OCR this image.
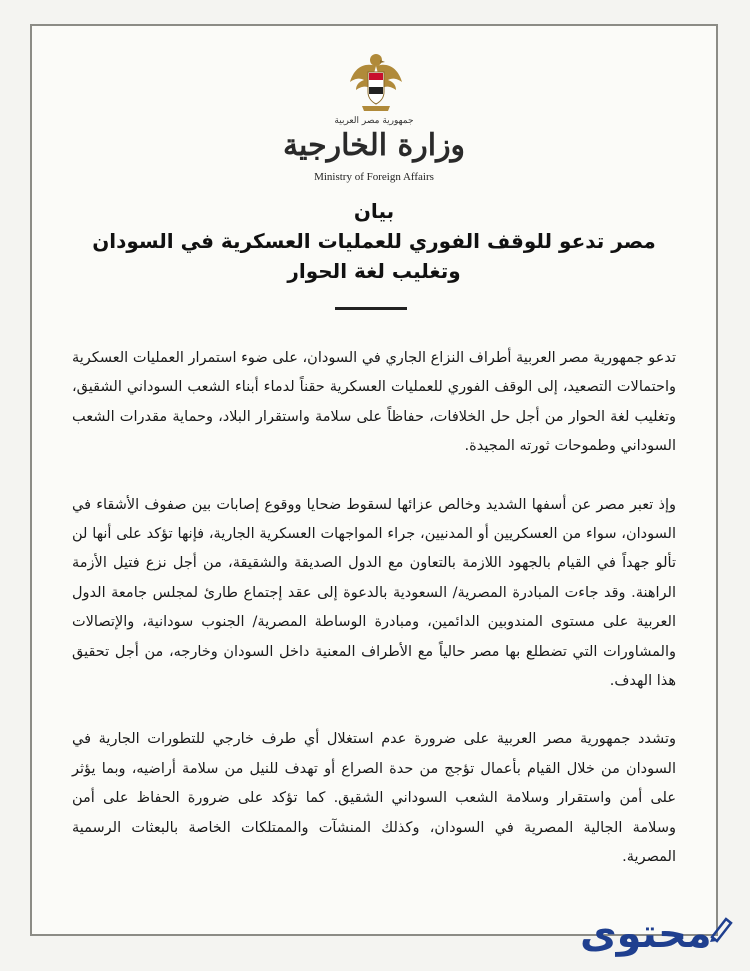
جمهورية مصر العربية
وزارة الخارجية
Ministry of Foreign Affairs
بيان
مصر تدعو للوقف الفوري للعمليات العسكرية في السودان
وتغليب لغة الحوار

تدعو جمهورية مصر العربية أطراف النزاع الجاري في السودان، على ضوء استمرار العمليات العسكرية واحتمالات التصعيد، إلى الوقف الفوري للعمليات العسكرية حقناً لدماء أبناء الشعب السوداني الشقيق، وتغليب لغة الحوار من أجل حل الخلافات، حفاظاً على سلامة واستقرار البلاد، وحماية مقدرات الشعب السوداني وطموحات ثورته المجيدة.

وإذ تعبر مصر عن أسفها الشديد وخالص عزائها لسقوط ضحايا ووقوع إصابات بين صفوف الأشقاء في السودان، سواء من العسكريين أو المدنيين، جراء المواجهات العسكرية الجارية، فإنها تؤكد على أنها لن تألو جهداً في القيام بالجهود اللازمة بالتعاون مع الدول الصديقة والشقيقة، من أجل نزع فتيل الأزمة الراهنة. وقد جاءت المبادرة المصرية/ السعودية بالدعوة إلى عقد إجتماع طارئ لمجلس جامعة الدول العربية على مستوى المندوبين الدائمين، ومبادرة الوساطة المصرية/ الجنوب سودانية، والإتصالات والمشاورات التي تضطلع بها مصر حالياً مع الأطراف المعنية داخل السودان وخارجه، من أجل تحقيق هذا الهدف.

وتشدد جمهورية مصر العربية على ضرورة عدم استغلال أي طرف خارجي للتطورات الجارية في السودان من خلال القيام بأعمال تؤجج من حدة الصراع أو تهدف للنيل من سلامة أراضيه، وبما يؤثر على أمن واستقرار وسلامة الشعب السوداني الشقيق. كما تؤكد على ضرورة الحفاظ على أمن وسلامة الجالية المصرية في السودان، وكذلك المنشآت والممتلكات الخاصة بالبعثات الرسمية المصرية.

محتوى
